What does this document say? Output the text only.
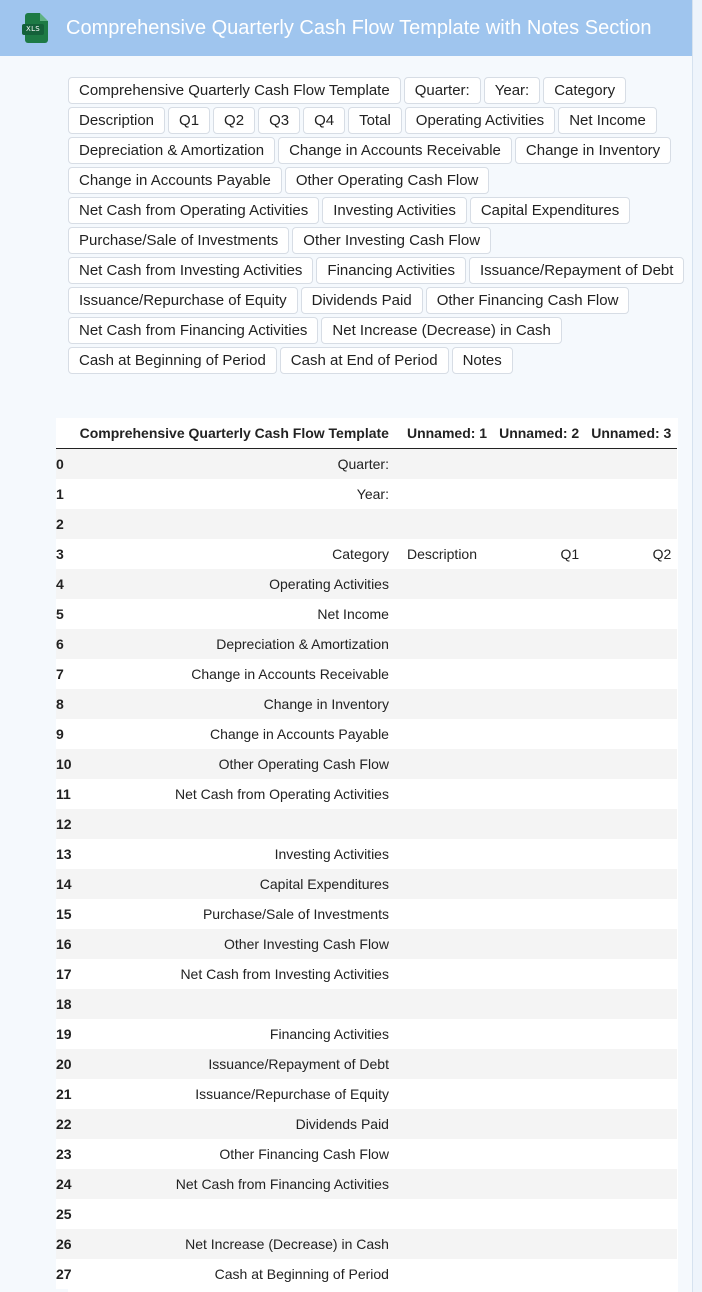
XLS Comprehensive Quarterly Cash Flow Template with Notes Section
Comprehensive Quarterly Cash Flow Template	Quarter:	Year:	Category
Description	Q1	Q2	Q3	Q4	Total	Operating Activities	Net Income
Depreciation & Amortization	Change in Accounts Receivable	Change in Inventory
Change in Accounts Payable	Other Operating Cash Flow
Net Cash from Operating Activities	Investing Activities	Capital Expenditures
Purchase/Sale of Investments	Other Investing Cash Flow
Net Cash from Investing Activities	Financing Activities	Issuance/Repayment of Debt
Issuance/Repurchase of Equity	Dividends Paid	Other Financing Cash Flow
Net Cash from Financing Activities	Net Increase (Decrease) in Cash
Cash at Beginning of Period	Cash at End of Period	Notes
	Comprehensive Quarterly Cash Flow Template	Unnamed: 1	Unnamed: 2	Unnamed: 3
0	Quarter:			
1	Year:			
2				
3	Category	Description	Q1	Q2
4	Operating Activities			
5	Net Income			
6	Depreciation & Amortization			
7	Change in Accounts Receivable			
8	Change in Inventory			
9	Change in Accounts Payable			
10	Other Operating Cash Flow			
11	Net Cash from Operating Activities			
12				
13	Investing Activities			
14	Capital Expenditures			
15	Purchase/Sale of Investments			
16	Other Investing Cash Flow			
17	Net Cash from Investing Activities			
18				
19	Financing Activities			
20	Issuance/Repayment of Debt			
21	Issuance/Repurchase of Equity			
22	Dividends Paid			
23	Other Financing Cash Flow			
24	Net Cash from Financing Activities			
25				
26	Net Increase (Decrease) in Cash			
27	Cash at Beginning of Period			
